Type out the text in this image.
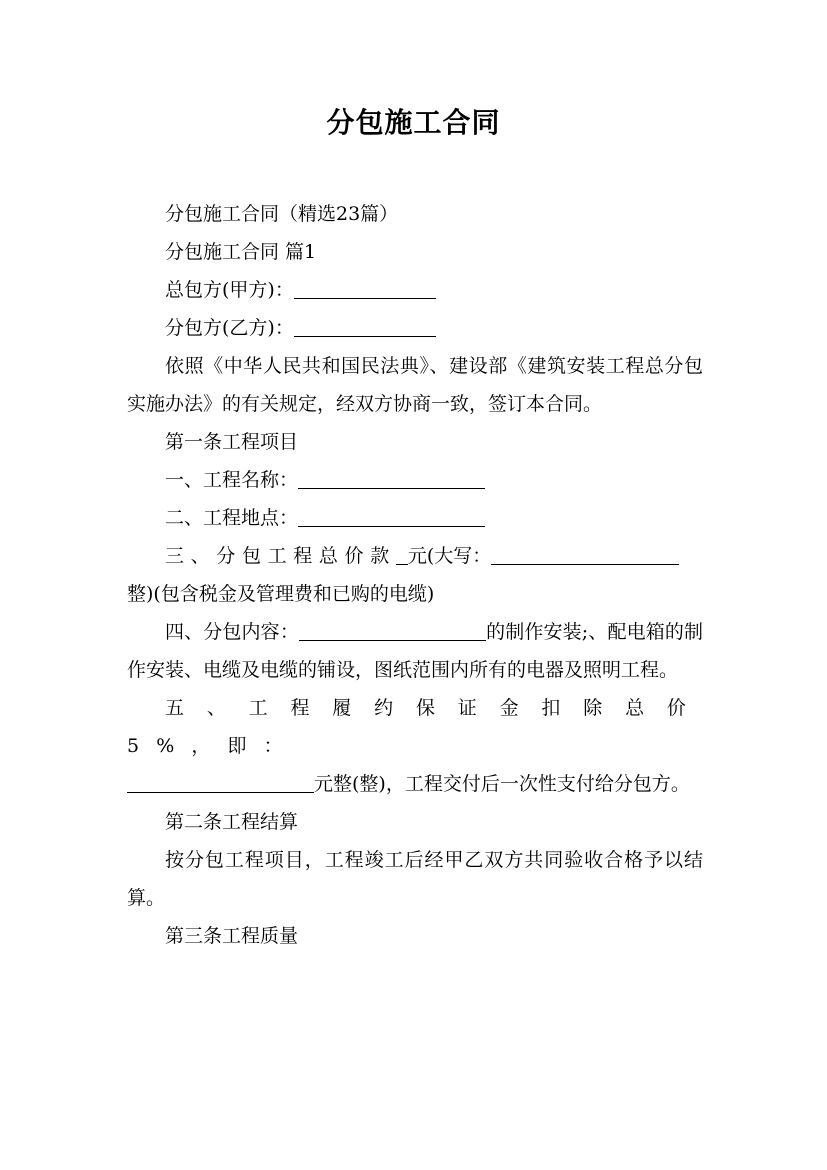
分包施工合同

分包施工合同（精选23篇）

分包施工合同 篇1

总包方(甲方)：

分包方(乙方)：

依照《中华人民共和国民法典》、建设部《建筑安装工程总分包实施办法》的有关规定，经双方协商一致，签订本合同。

第一条工程项目

一、工程名称：

二、工程地点：

三、分包工程总价款 元(大写：
整)(包含税金及管理费和已购的电缆)

四、分包内容：	的制作安装;、配电箱的制作安装、电缆及电缆的铺设，图纸范围内所有的电器及照明工程。

五、工程履约保证金扣除总价5%，即：
元整(整)，工程交付后一次性支付给分包方。

第二条工程结算

按分包工程项目，工程竣工后经甲乙双方共同验收合格予以结算。

第三条工程质量
